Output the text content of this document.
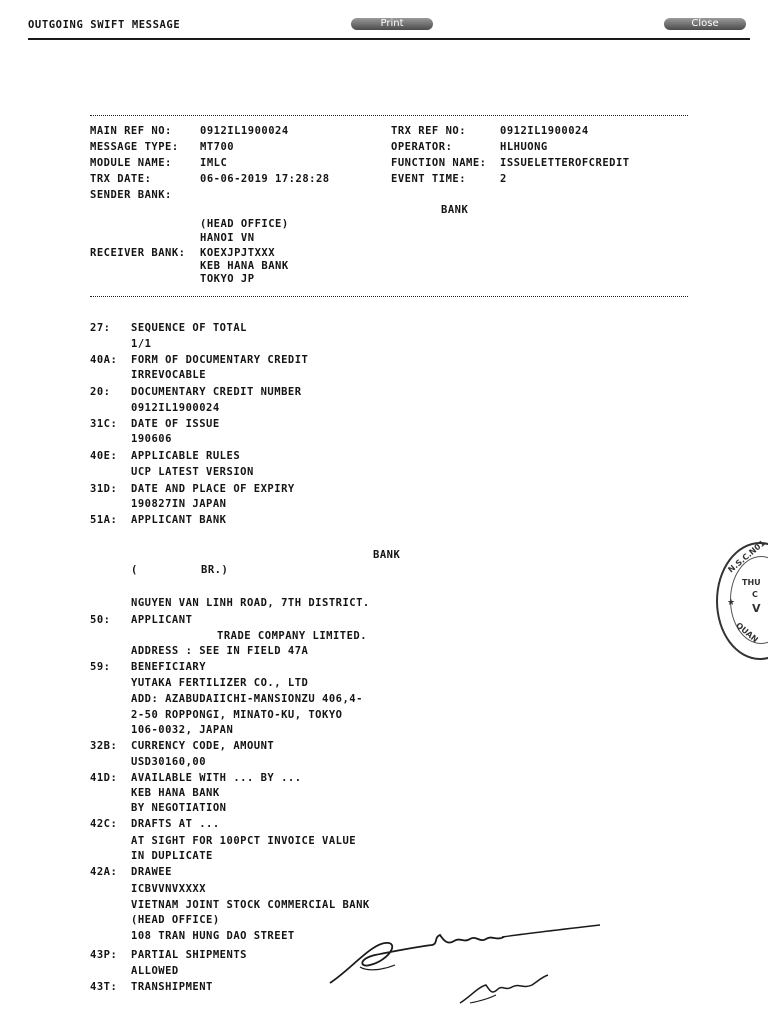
OUTGOING SWIFT MESSAGE	Print	Close
MAIN REF NO:	0912IL1900024	TRX REF NO:	0912IL1900024
MESSAGE TYPE: MT700	OPERATOR:	HLHUONG
MODULE NAME:	IMLC	FUNCTION NAME: ISSUELETTEROFCREDIT
TRX DATE:	06-06-2019 17:28:28	EVENT TIME:	2
SENDER BANK:
BANK
(HEAD OFFICE)
HANOI VN
RECEIVER BANK: KOEXJPJTXXX
KEB HANA BANK
TOKYO JP
27: SEQUENCE OF TOTAL
1/1
40A: FORM OF DOCUMENTARY CREDIT
IRREVOCABLE
20: DOCUMENTARY CREDIT NUMBER
0912IL1900024
31C: DATE OF ISSUE
190606
40E: APPLICABLE RULES
UCP LATEST VERSION
31D: DATE AND PLACE OF EXPIRY
190827IN JAPAN
51A: APPLICANT BANK
BANK
(	BR.)
NGUYEN VAN LINH ROAD, 7TH DISTRICT.
50: APPLICANT
TRADE COMPANY LIMITED.
ADDRESS : SEE IN FIELD 47A
59: BENEFICIARY
YUTAKA FERTILIZER CO., LTD
ADD: AZABUDAIICHI-MANSIONZU 406,4-
2-50 ROPPONGI, MINATO-KU, TOKYO
106-0032, JAPAN
32B: CURRENCY CODE, AMOUNT
USD30160,00
41D: AVAILABLE WITH ... BY ...
KEB HANA BANK
BY NEGOTIATION
42C: DRAFTS AT ...
AT SIGHT FOR 100PCT INVOICE VALUE
IN DUPLICATE
42A: DRAWEE
ICBVVNVXXXX
VIETNAM JOINT STOCK COMMERCIAL BANK
(HEAD OFFICE)
108 TRAN HUNG DAO STREET
43P: PARTIAL SHIPMENTS
ALLOWED
43T: TRANSHIPMENT
N.S.C.N01
THU
C
V
QUAN
★
